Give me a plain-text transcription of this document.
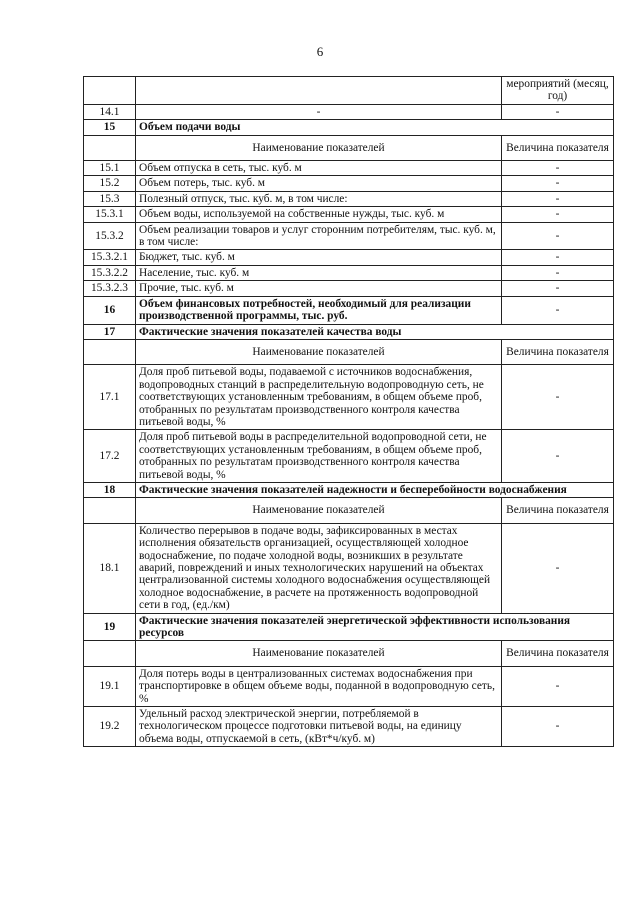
6
		мероприятий (месяц, год)
14.1	-	-
15	Объем подачи воды	
	Наименование показателей	Величина показателя
15.1	Объем отпуска в сеть, тыс. куб. м	-
15.2	Объем потерь, тыс. куб. м	-
15.3	Полезный отпуск, тыс. куб. м, в том числе:	-
15.3.1	Объем воды, используемой на собственные нужды, тыс. куб. м	-
15.3.2	Объем реализации товаров и услуг сторонним потребителям, тыс. куб. м, в том числе:	-
15.3.2.1	Бюджет, тыс. куб. м	-
15.3.2.2	Население, тыс. куб. м	-
15.3.2.3	Прочие, тыс. куб. м	-
16	Объем финансовых потребностей, необходимый для реализации производственной программы, тыс. руб.	-
17	Фактические значения показателей качества воды	
	Наименование показателей	Величина показателя
17.1	Доля проб питьевой воды, подаваемой с источников водоснабжения, водопроводных станций в распределительную водопроводную сеть, не соответствующих установленным требованиям, в общем объеме проб, отобранных по результатам производственного контроля качества питьевой воды, %	-
17.2	Доля проб питьевой воды в распределительной водопроводной сети, не соответствующих установленным требованиям, в общем объеме проб, отобранных по результатам производственного контроля качества питьевой воды, %	-
18	Фактические значения показателей надежности и бесперебойности водоснабжения	
	Наименование показателей	Величина показателя
18.1	Количество перерывов в подаче воды, зафиксированных в местах исполнения обязательств организацией, осуществляющей холодное водоснабжение, по подаче холодной воды, возникших в результате аварий, повреждений и иных технологических нарушений на объектах централизованной системы холодного водоснабжения осуществляющей холодное водоснабжение, в расчете на протяженность водопроводной сети в год, (ед./км)	-
19	Фактические значения показателей энергетической эффективности использования ресурсов	
	Наименование показателей	Величина показателя
19.1	Доля потерь воды в централизованных системах водоснабжения при транспортировке в общем объеме воды, поданной в водопроводную сеть, %	-
19.2	Удельный расход электрической энергии, потребляемой в технологическом процессе подготовки питьевой воды, на единицу объема воды, отпускаемой в сеть, (кВт*ч/куб. м)	-
